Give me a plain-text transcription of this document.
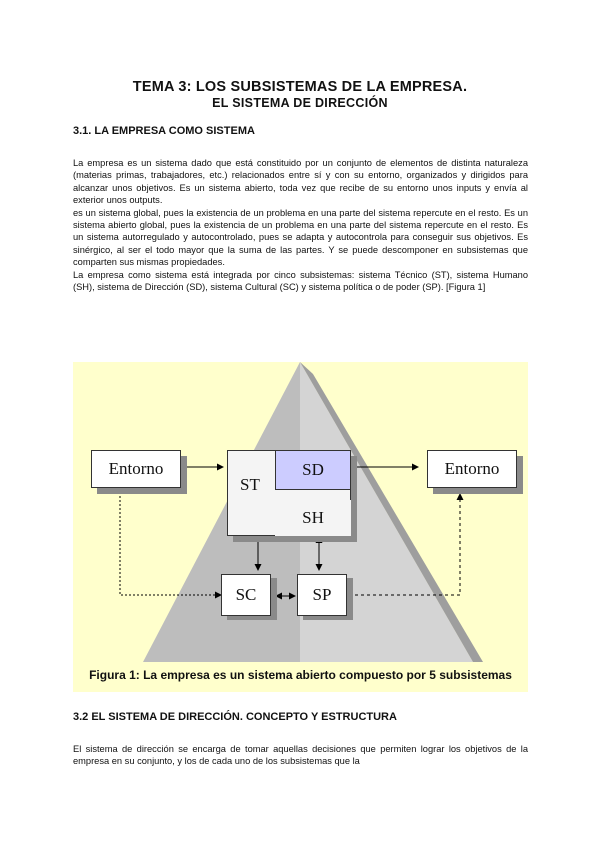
TEMA 3: LOS SUBSISTEMAS DE LA EMPRESA.
EL SISTEMA DE DIRECCIÓN
3.1. LA EMPRESA COMO SISTEMA

La empresa es un sistema dado que está constituido por un conjunto de elementos de distinta naturaleza (materias primas, trabajadores, etc.) relacionados entre sí y con su entorno, organizados y dirigidos para alcanzar unos objetivos. Es un sistema abierto, toda vez que recibe de su entorno unos inputs y envía al exterior unos outputs.

es un sistema global, pues la existencia de un problema en una parte del sistema repercute en el resto. Es un sistema abierto global, pues la existencia de un problema en una parte del sistema repercute en el resto. Es un sistema autorregulado y autocontrolado, pues se adapta y autocontrola para conseguir sus objetivos. Es sinérgico, al ser el todo mayor que la suma de las partes. Y se puede descomponer en subsistemas que comparten sus mismas propiedades.

La empresa como sistema está integrada por cinco subsistemas: sistema Técnico (ST), sistema Humano (SH), sistema de Dirección (SD), sistema Cultural (SC) y sistema política o de poder (SP). [Figura 1]

Entorno	Entorno
ST
SD
SH
SC	SP
Figura 1: La empresa es un sistema abierto compuesto por 5 subsistemas
3.2 EL SISTEMA DE DIRECCIÓN. CONCEPTO Y ESTRUCTURA

El sistema de dirección se encarga de tomar aquellas decisiones que permiten lograr los objetivos de la empresa en su conjunto, y los de cada uno de los subsistemas que la
